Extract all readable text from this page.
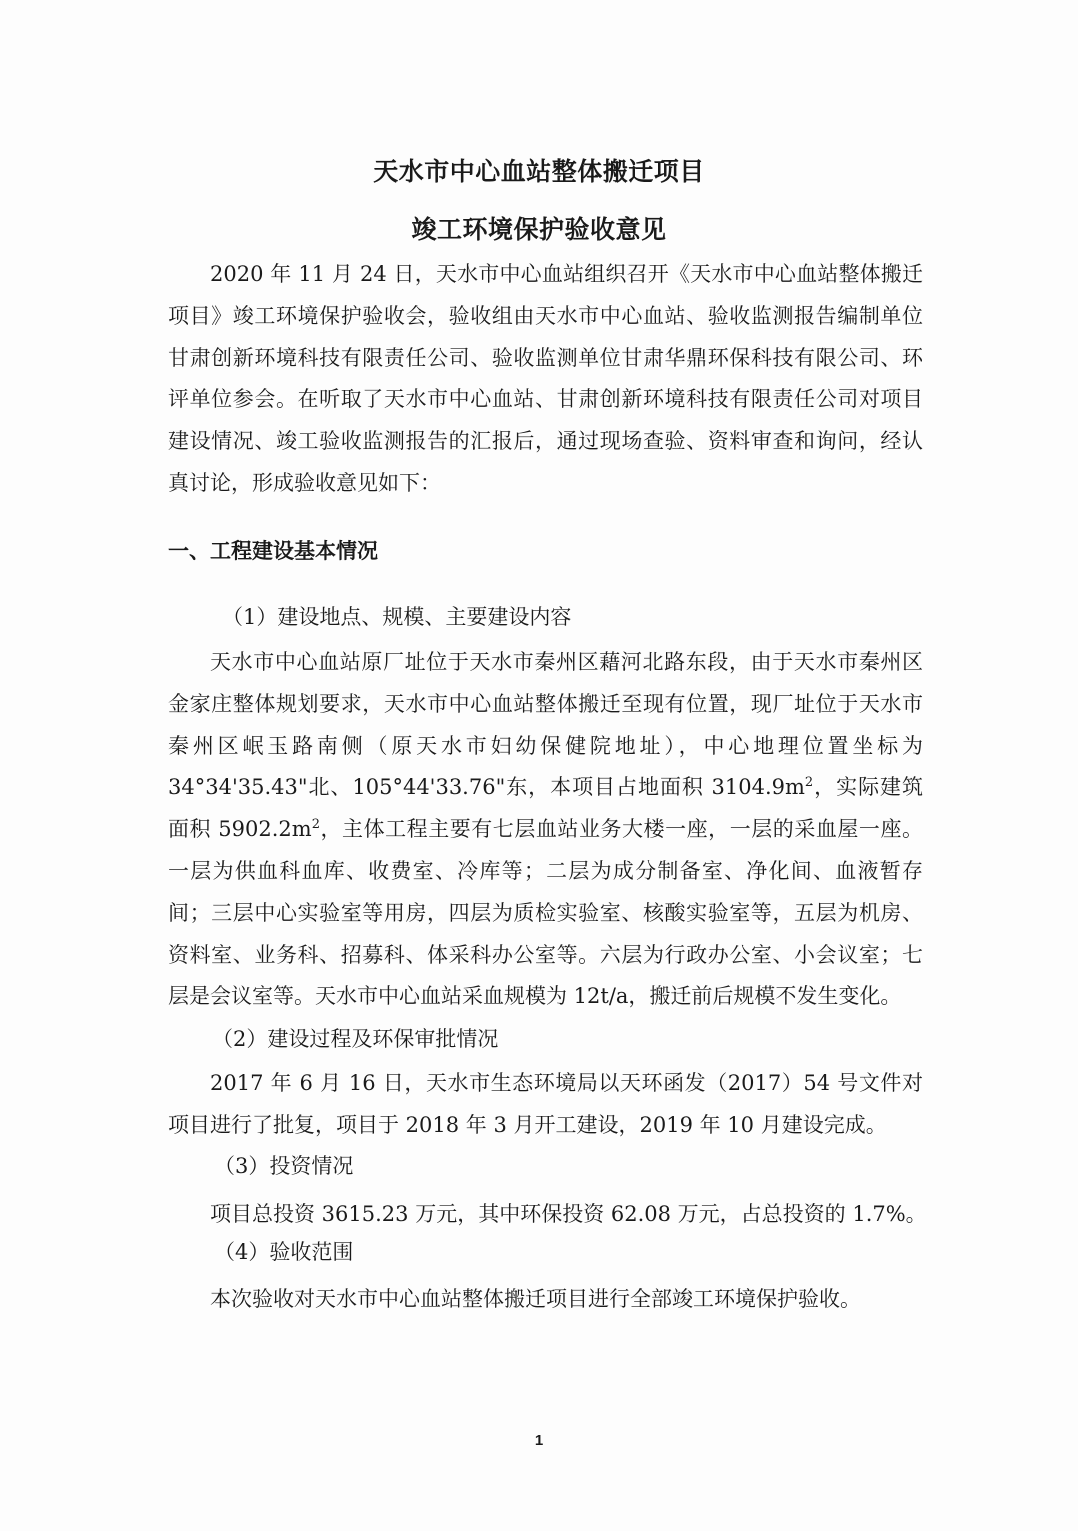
天水市中心血站整体搬迁项目
竣工环境保护验收意见
2020 年 11 月 24 日，天水市中心血站组织召开《天水市中心血站整体搬迁项目》竣工环境保护验收会，验收组由天水市中心血站、验收监测报告编制单位甘肃创新环境科技有限责任公司、验收监测单位甘肃华鼎环保科技有限公司、环评单位参会。在听取了天水市中心血站、甘肃创新环境科技有限责任公司对项目建设情况、竣工验收监测报告的汇报后，通过现场查验、资料审查和询问，经认真讨论，形成验收意见如下：
一、工程建设基本情况
（1）建设地点、规模、主要建设内容
天水市中心血站原厂址位于天水市秦州区藉河北路东段，由于天水市秦州区金家庄整体规划要求，天水市中心血站整体搬迁至现有位置，现厂址位于天水市秦州区岷玉路南侧（原天水市妇幼保健院地址），中心地理位置坐标为 34°34'35.43"北、105°44'33.76"东，本项目占地面积 $3104.9m^2$，实际建筑面积 $5902.2m^2$，主体工程主要有七层血站业务大楼一座，一层的采血屋一座。一层为供血科血库、收费室、冷库等；二层为成分制备室、净化间、血液暂存间；三层中心实验室等用房，四层为质检实验室、核酸实验室等，五层为机房、资料室、业务科、招募科、体采科办公室等。六层为行政办公室、小会议室；七层是会议室等。天水市中心血站采血规模为 12t/a，搬迁前后规模不发生变化。
（2）建设过程及环保审批情况
2017 年 6 月 16 日，天水市生态环境局以天环函发（2017）54 号文件对项目进行了批复，项目于 2018 年 3 月开工建设，2019 年 10 月建设完成。
（3）投资情况
项目总投资 3615.23 万元，其中环保投资 62.08 万元，占总投资的 1.7%。
（4）验收范围
本次验收对天水市中心血站整体搬迁项目进行全部竣工环境保护验收。
1
